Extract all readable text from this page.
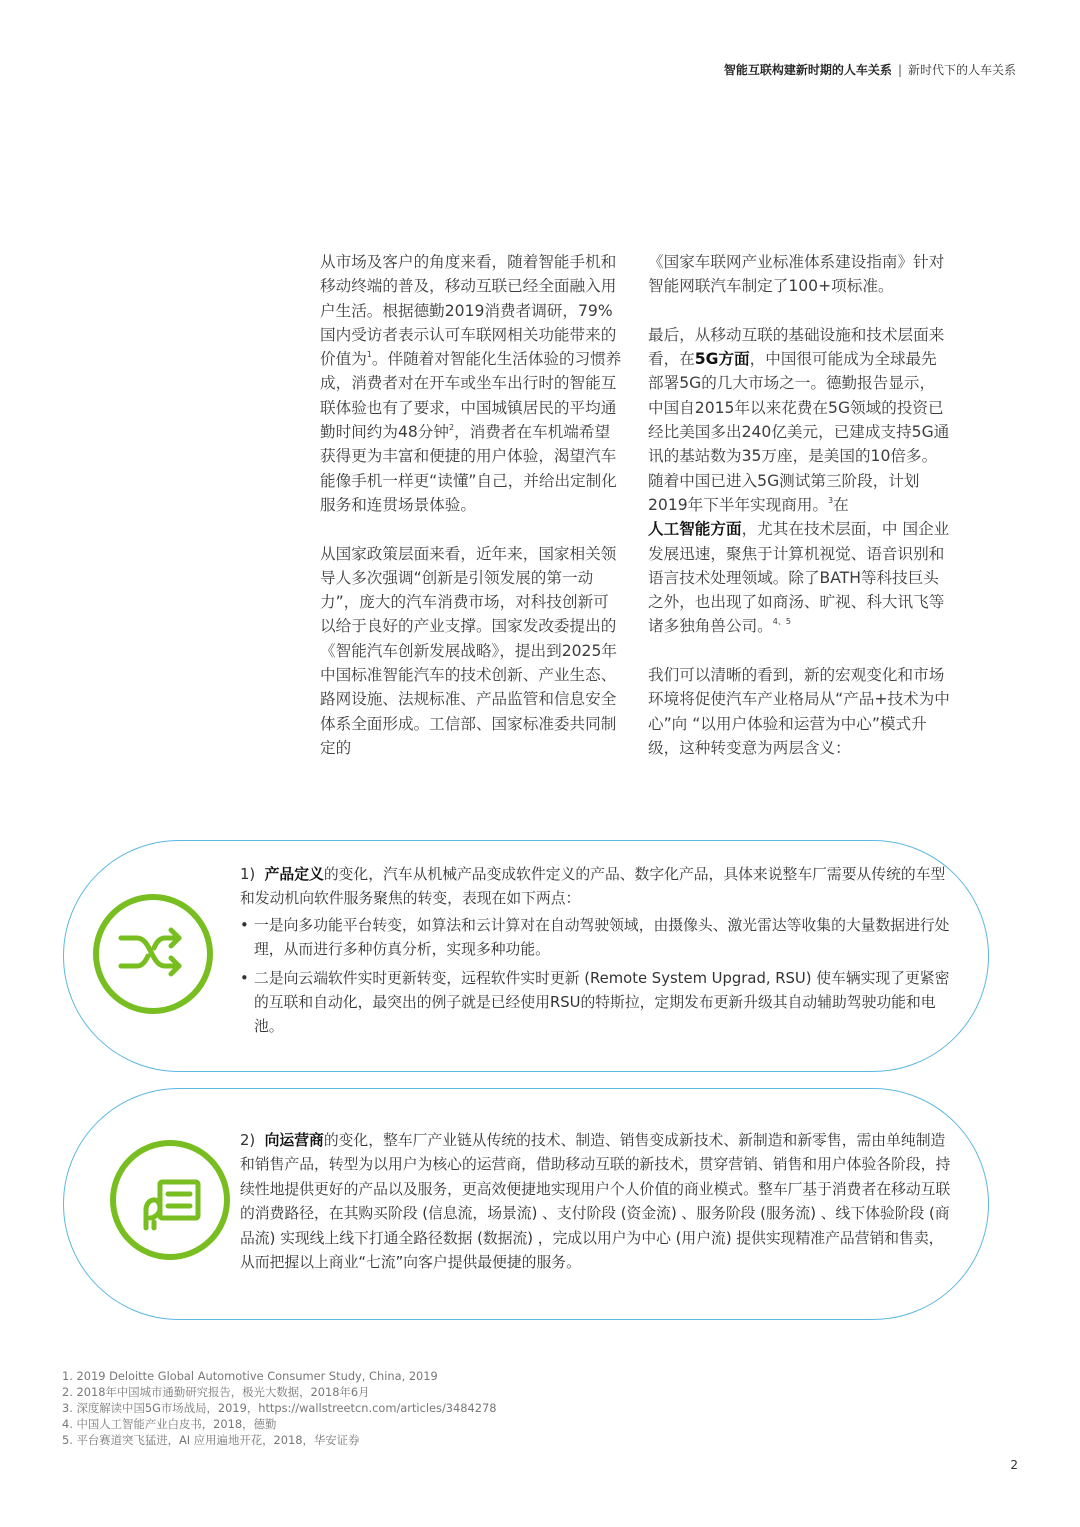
智能互联构建新时期的人车关系 | 新时代下的人车关系

从市场及客户的角度来看，随着智能手机和移动终端的普及，移动互联已经全面融入用户生活。根据德勤2019消费者调研，79%国内受访者表示认可车联网相关功能带来的价值为$^1$。伴随着对智能化生活体验的习惯养成，消费者对在开车或坐车出行时的智能互联体验也有了要求，中国城镇居民的平均通勤时间约为48分钟$^2$，消费者在车机端希望获得更为丰富和便捷的用户体验，渴望汽车能像手机一样更“读懂”自己，并给出定制化服务和连贯场景体验。

从国家政策层面来看，近年来，国家相关领导人多次强调“创新是引领发展的第一动力”，庞大的汽车消费市场，对科技创新可以给于良好的产业支撑。国家发改委提出的《智能汽车创新发展战略》，提出到2025年中国标准智能汽车的技术创新、产业生态、路网设施、法规标准、产品监管和信息安全体系全面形成。工信部、国家标准委共同制定的

《国家车联网产业标准体系建设指南》针对智能网联汽车制定了100+项标准。

最后，从移动互联的基础设施和技术层面来看，在5G方面，中国很可能成为全球最先部署5G的几大市场之一。德勤报告显示，中国自2015年以来花费在5G领域的投资已经比美国多出240亿美元，已建成支持5G通讯的基站数为35万座，是美国的10倍多。随着中国已进入5G测试第三阶段，计划2019年下半年实现商用。$^3$在
人工智能方面，尤其在技术层面，中 国企业发展迅速，聚焦于计算机视觉、语音识别和语言技术处理领域。除了BATH等科技巨头之外，也出现了如商汤、旷视、科大讯飞等诸多独角兽公司。$^{4、5}$

我们可以清晰的看到，新的宏观变化和市场环境将促使汽车产业格局从“产品+技术为中心”向 “以用户体验和运营为中心”模式升级，这种转变意为两层含义：

1) 产品定义的变化，汽车从机械产品变成软件定义的产品、数字化产品，具体来说整车厂需要从传统的车型和发动机向软件服务聚焦的转变，表现在如下两点：
• 一是向多功能平台转变，如算法和云计算对在自动驾驶领域，由摄像头、激光雷达等收集的大量数据进行处理，从而进行多种仿真分析，实现多种功能。
• 二是向云端软件实时更新转变，远程软件实时更新 (Remote System Upgrad, RSU) 使车辆实现了更紧密的互联和自动化，最突出的例子就是已经使用RSU的特斯拉，定期发布更新升级其自动辅助驾驶功能和电池。
2) 向运营商的变化，整车厂产业链从传统的技术、制造、销售变成新技术、新制造和新零售，需由单纯制造和销售产品，转型为以用户为核心的运营商，借助移动互联的新技术，贯穿营销、销售和用户体验各阶段，持续性地提供更好的产品以及服务，更高效便捷地实现用户个人价值的商业模式。整车厂基于消费者在移动互联的消费路径，在其购买阶段 (信息流，场景流) 、支付阶段 (资金流) 、服务阶段 (服务流) 、线下体验阶段 (商品流) 实现线上线下打通全路径数据 (数据流) ，完成以用户为中心 (用户流) 提供实现精准产品营销和售卖，从而把握以上商业“七流”向客户提供最便捷的服务。
1. 2019 Deloitte Global Automotive Consumer Study, China, 2019
2. 2018年中国城市通勤研究报告，极光大数据，2018年6月
3. 深度解读中国5G市场战局，2019，https://wallstreetcn.com/articles/3484278
4. 中国人工智能产业白皮书，2018，德勤
5. 平台赛道突飞猛进，AI 应用遍地开花，2018，华安证券
2
